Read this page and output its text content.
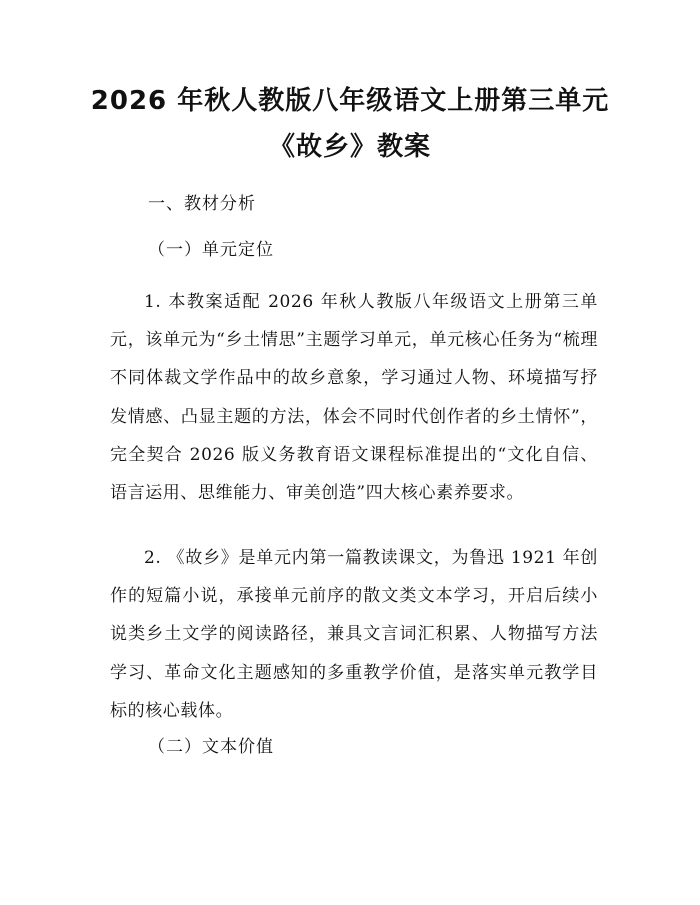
2026 年秋人教版八年级语文上册第三单元
《故乡》教案

一、教材分析

（一）单元定位

1. 本教案适配 2026 年秋人教版八年级语文上册第三单元，该单元为“乡土情思”主题学习单元，单元核心任务为“梳理不同体裁文学作品中的故乡意象，学习通过人物、环境描写抒发情感、凸显主题的方法，体会不同时代创作者的乡土情怀”，完全契合 2026 版义务教育语文课程标准提出的“文化自信、语言运用、思维能力、审美创造”四大核心素养要求。

2. 《故乡》是单元内第一篇教读课文，为鲁迅 1921 年创作的短篇小说，承接单元前序的散文类文本学习，开启后续小说类乡土文学的阅读路径，兼具文言词汇积累、人物描写方法学习、革命文化主题感知的多重教学价值，是落实单元教学目标的核心载体。

（二）文本价值
